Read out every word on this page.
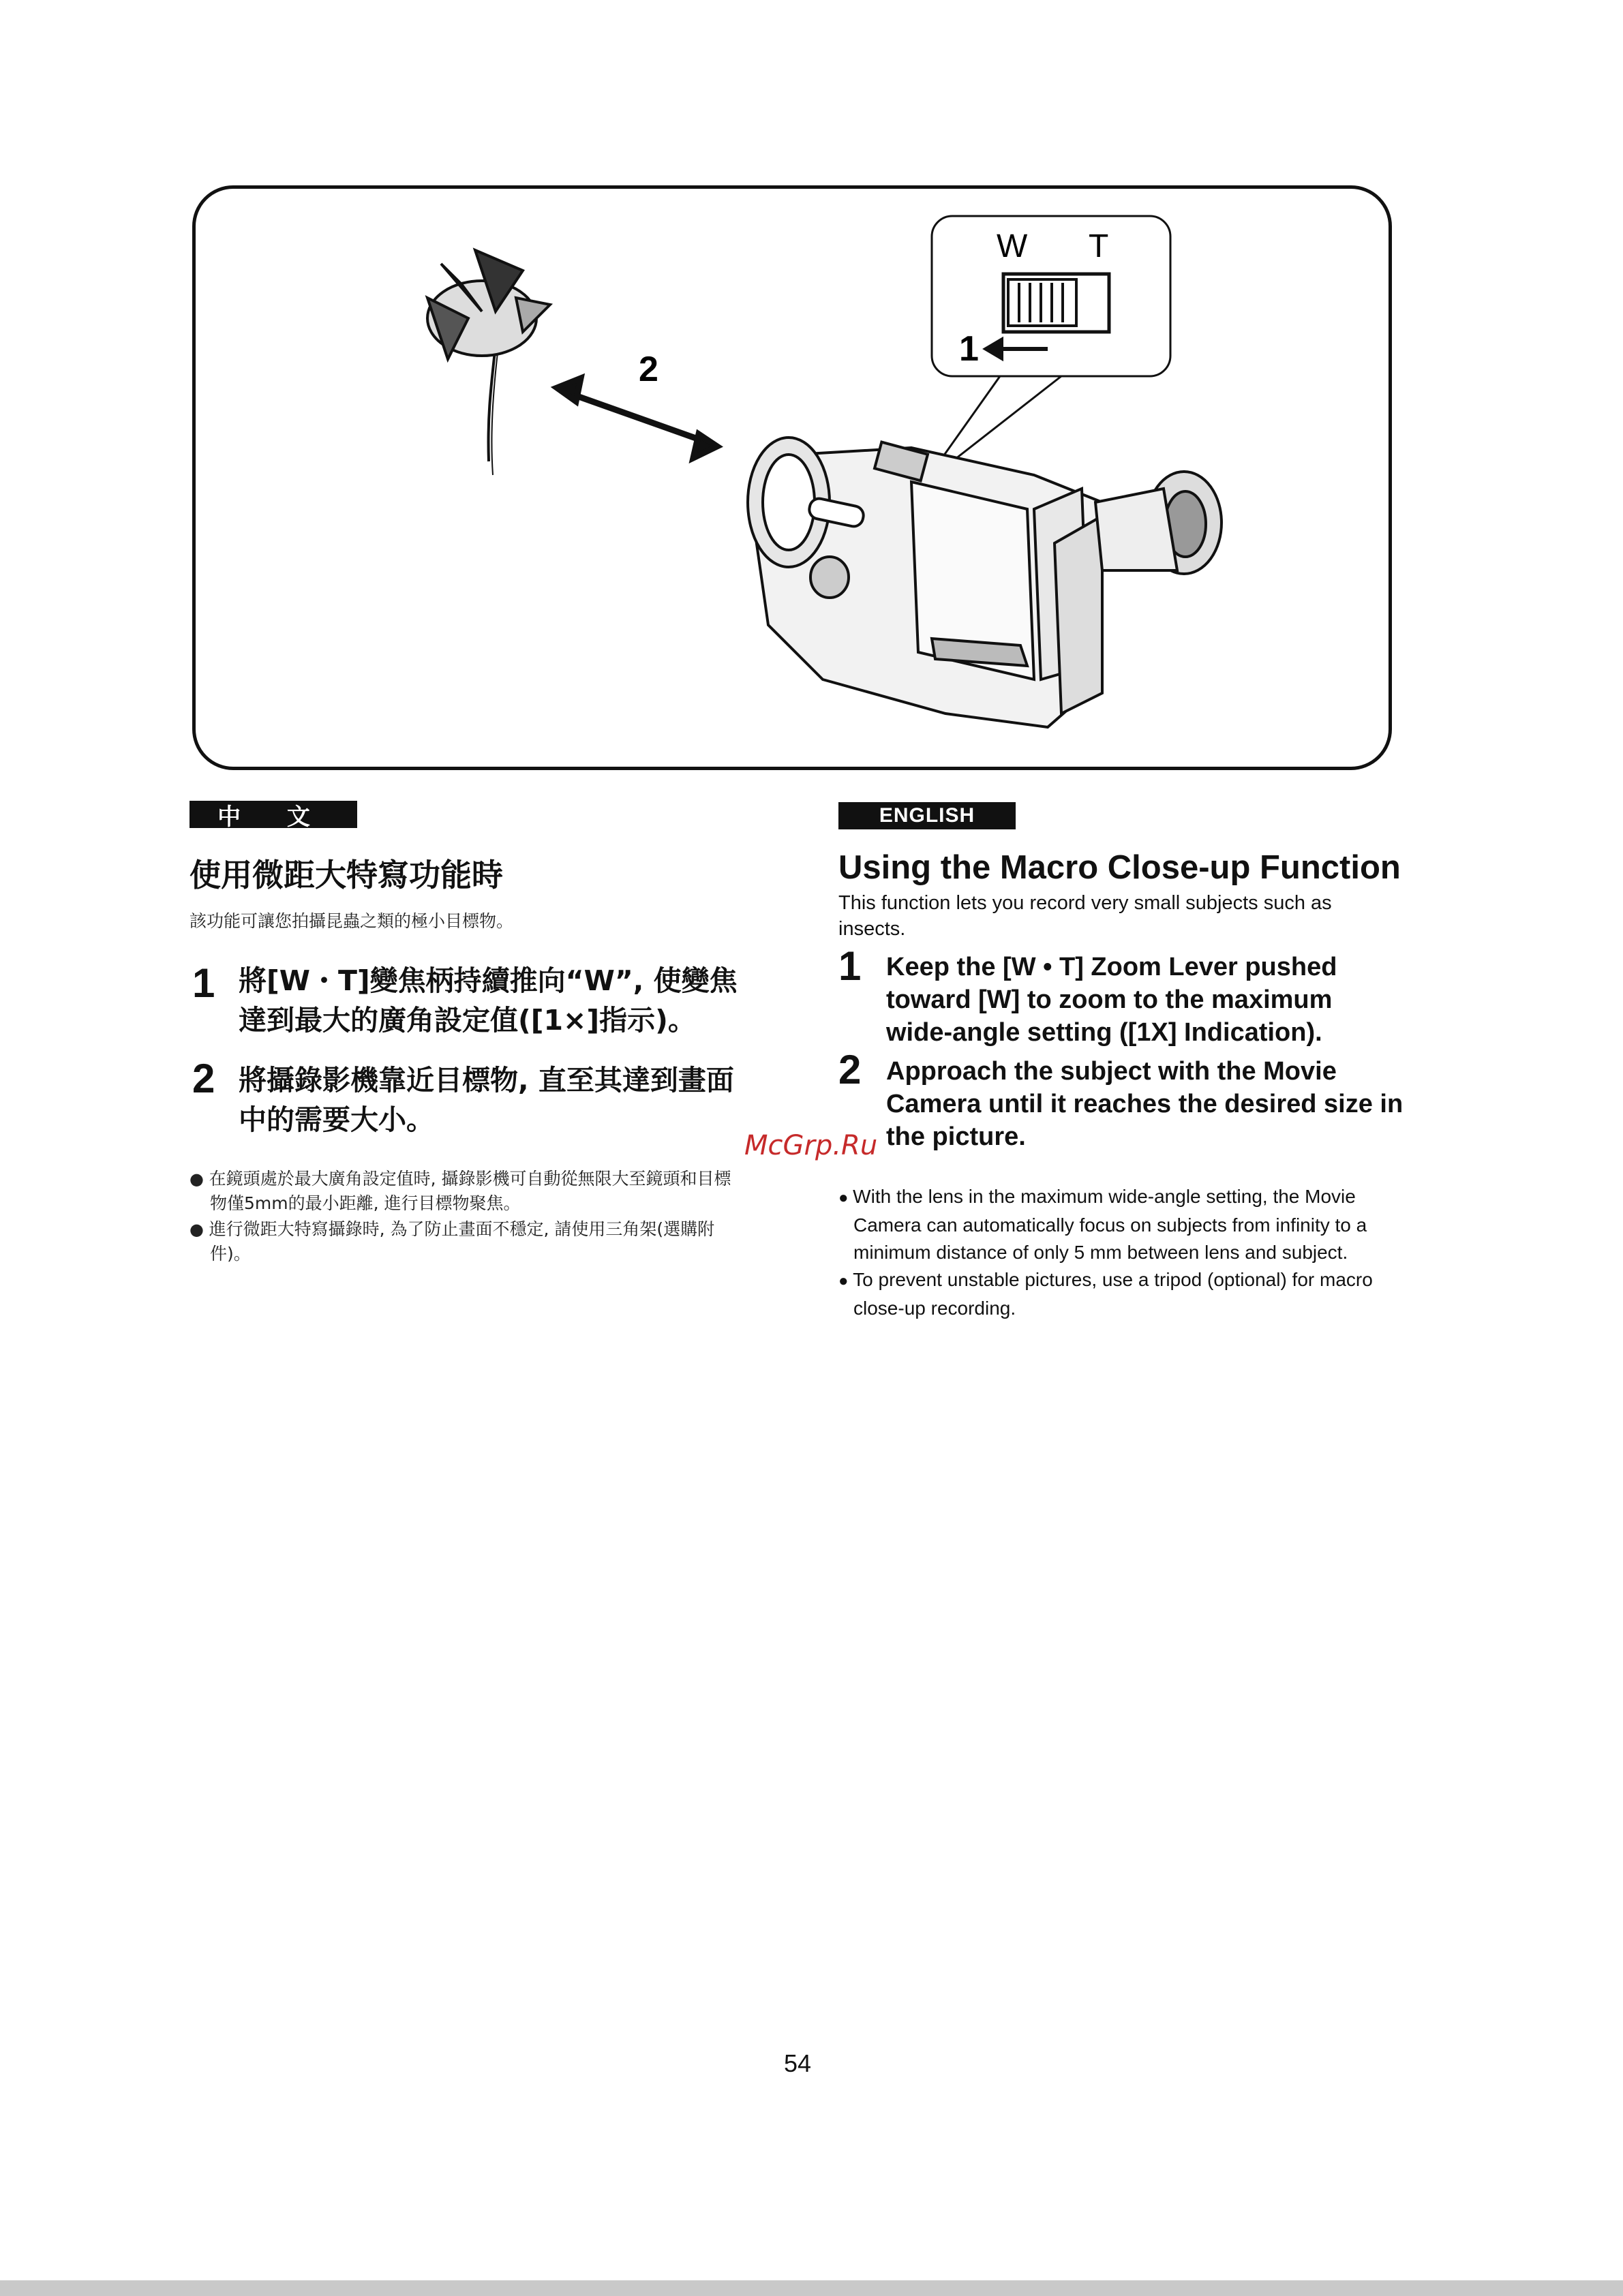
2
W T
1
中 文
使用微距大特寫功能時
該功能可讓您拍攝昆蟲之類的極小目標物。
1 將[W・T]變焦柄持續推向“W”, 使變焦
達到最大的廣角設定值([1×]指示)。
2 將攝錄影機靠近目標物, 直至其達到畫面
中的需要大小。

● 在鏡頭處於最大廣角設定值時, 攝錄影機可自動從無限大至鏡頭和目標物僅5mm的最小距離, 進行目標物聚焦。

● 進行微距大特寫攝錄時, 為了防止畫面不穩定, 請使用三角架(選購附件)。

ENGLISH
Using the Macro Close-up Function
This function lets you record very small subjects such as insects.
1 Keep the [W • T] Zoom Lever pushed toward [W] to zoom to the maximum wide-angle setting ([1X] Indication).
2 Approach the subject with the Movie Camera until it reaches the desired size in the picture.

● With the lens in the maximum wide-angle setting, the Movie Camera can automatically focus on subjects from infinity to a minimum distance of only 5 mm between lens and subject.

● To prevent unstable pictures, use a tripod (optional) for macro close-up recording.

McGrp.Ru
54
